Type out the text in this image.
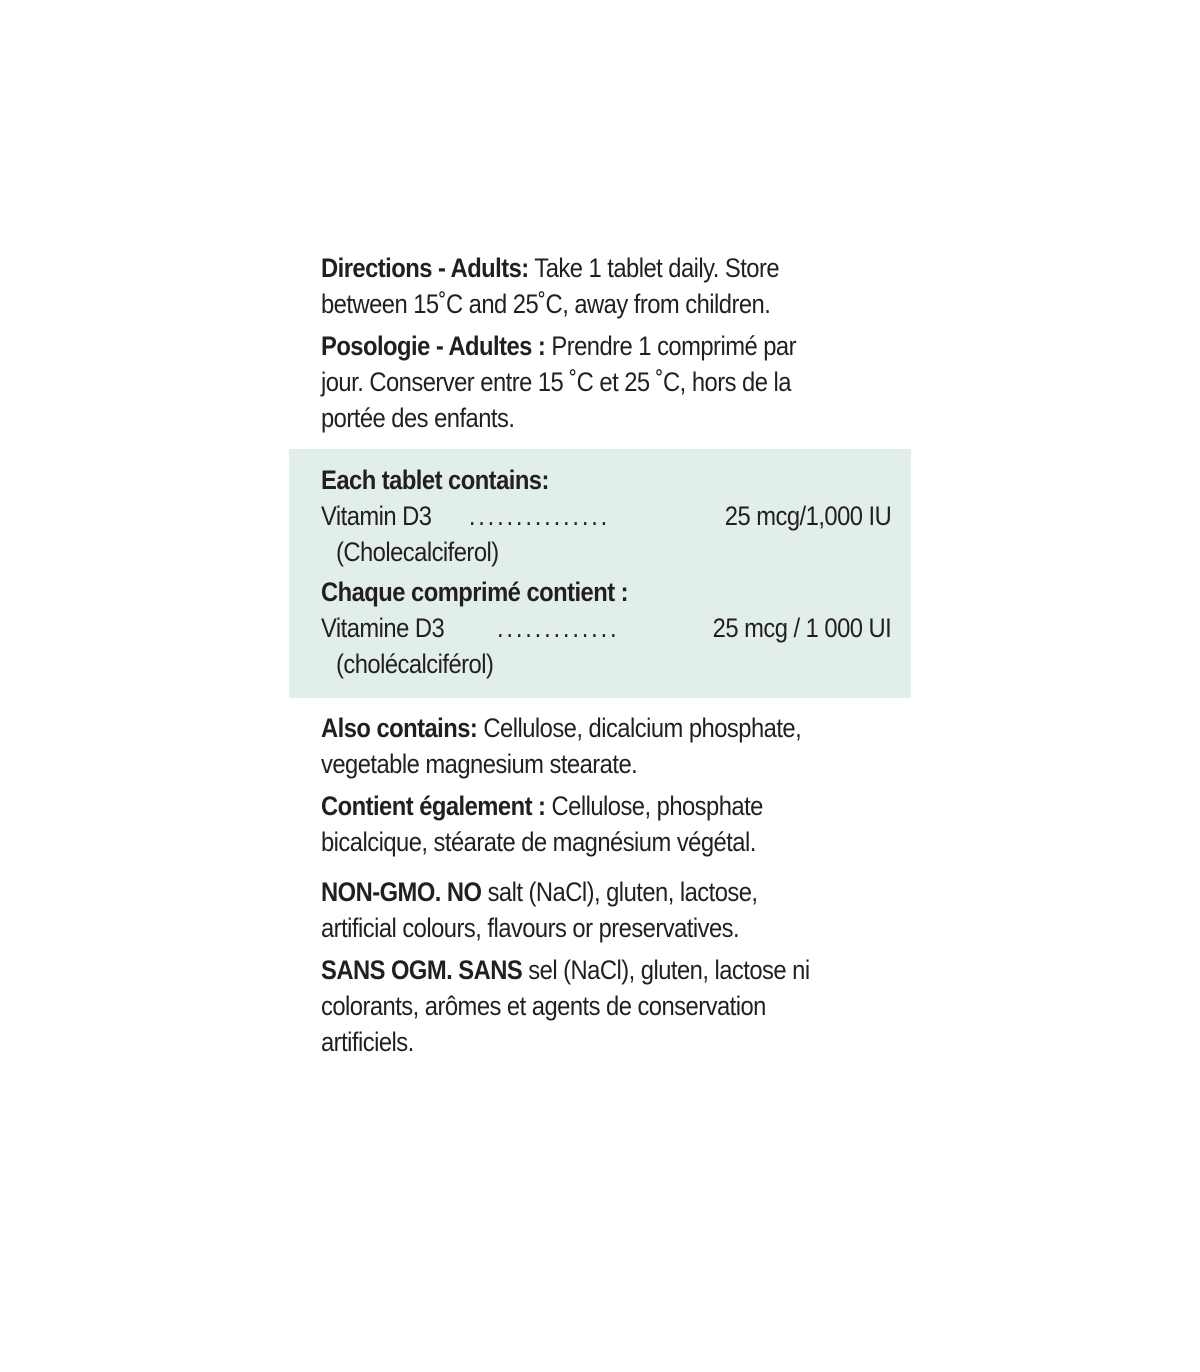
Directions - Adults: Take 1 tablet daily. Store

between 15˚C and 25˚C, away from children.

Posologie - Adultes : Prendre 1 comprimé par

jour. Conserver entre 15 ˚C et 25 ˚C, hors de la

portée des enfants.

Each tablet contains:

Vitamin D3 ...............	25 mcg/1,000 IU

(Cholecalciferol)

Chaque comprimé contient :

Vitamine D3 .............	25 mcg / 1 000 UI

(cholécalciférol)

Also contains: Cellulose, dicalcium phosphate,

vegetable magnesium stearate.

Contient également : Cellulose, phosphate

bicalcique, stéarate de magnésium végétal.

NON-GMO. NO salt (NaCl), gluten, lactose,

artificial colours, flavours or preservatives.

SANS OGM. SANS sel (NaCl), gluten, lactose ni

colorants, arômes et agents de conservation

artificiels.
